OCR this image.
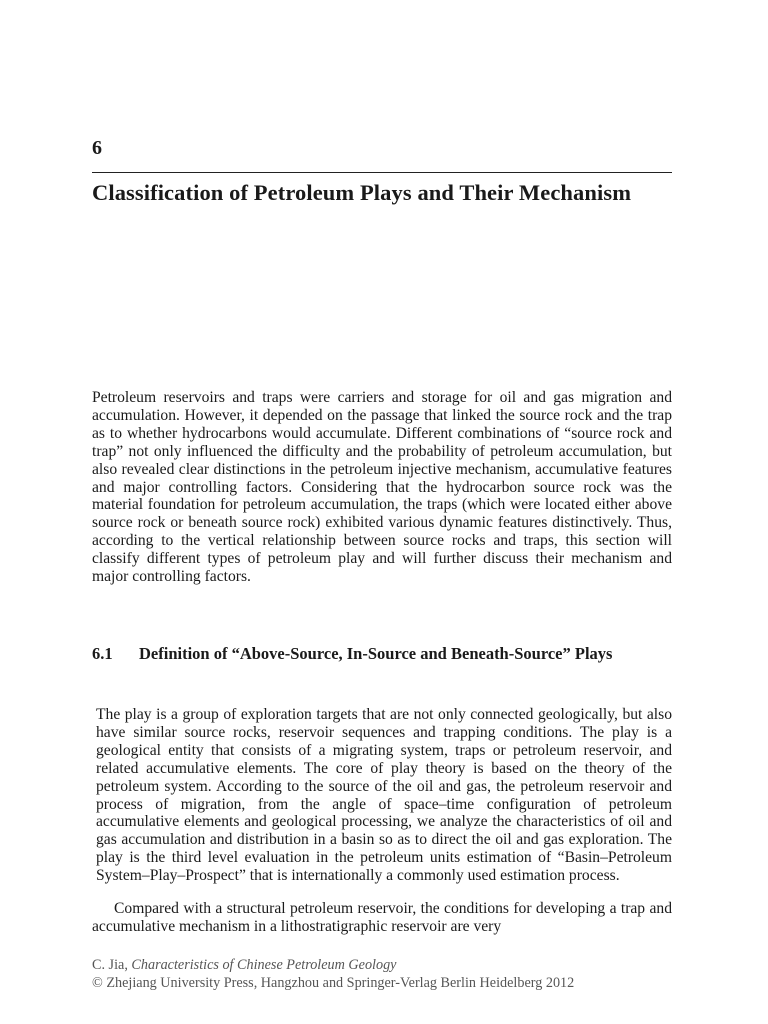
6
Classification of Petroleum Plays and Their Mechanism

Petroleum reservoirs and traps were carriers and storage for oil and gas migration and accumulation. However, it depended on the passage that linked the source rock and the trap as to whether hydrocarbons would accumulate. Different combinations of “source rock and trap” not only influenced the difficulty and the probability of petroleum accumulation, but also revealed clear distinctions in the petroleum injective mechanism, accumulative features and major controlling factors. Considering that the hydrocarbon source rock was the material foundation for petroleum accumulation, the traps (which were located either above source rock or beneath source rock) exhibited various dynamic features distinctively. Thus, according to the vertical relationship between source rocks and traps, this section will classify different types of petroleum play and will further discuss their mechanism and major controlling factors.

6.1 Definition of “Above-Source, In-Source and Beneath-Source” Plays

The play is a group of exploration targets that are not only connected geologically, but also have similar source rocks, reservoir sequences and trapping conditions. The play is a geological entity that consists of a migrating system, traps or petroleum reservoir, and related accumulative elements. The core of play theory is based on the theory of the petroleum system. According to the source of the oil and gas, the petroleum reservoir and process of migration, from the angle of space–time configuration of petroleum accumulative elements and geological processing, we analyze the characteristics of oil and gas accumulation and distribution in a basin so as to direct the oil and gas exploration. The play is the third level evaluation in the petroleum units estimation of “Basin–Petroleum System–Play–Prospect” that is internationally a commonly used estimation process.

Compared with a structural petroleum reservoir, the conditions for developing a trap and accumulative mechanism in a lithostratigraphic reservoir are very

C. Jia, Characteristics of Chinese Petroleum Geology
© Zhejiang University Press, Hangzhou and Springer-Verlag Berlin Heidelberg 2012
